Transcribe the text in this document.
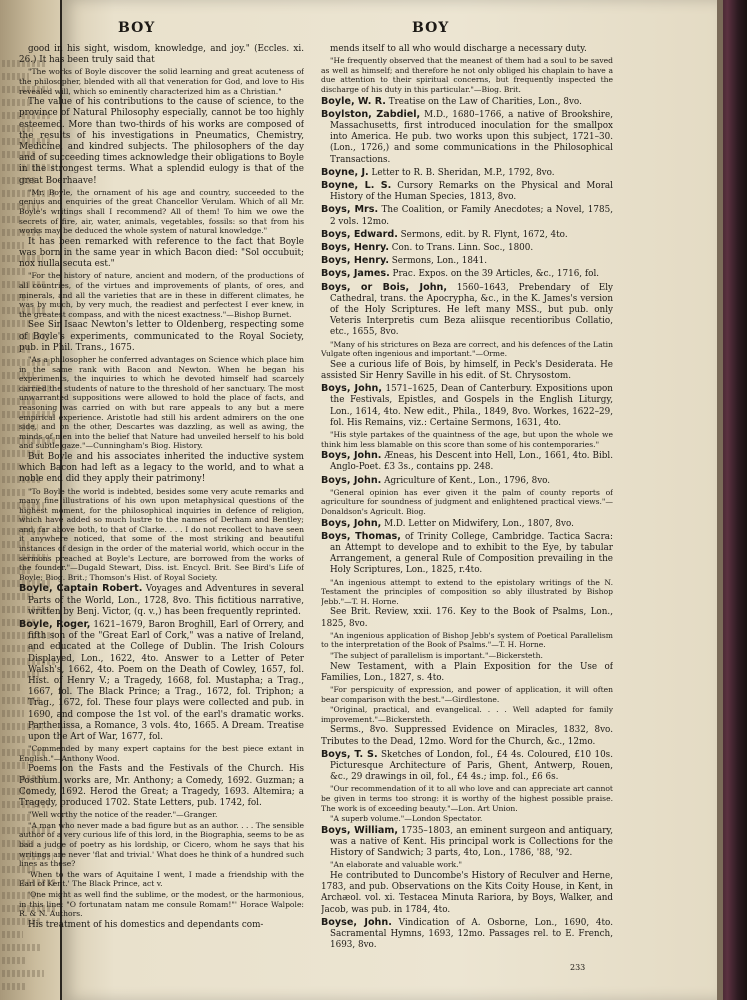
BOY	BOY
good in his sight, wisdom, knowledge, and joy." (Eccles. xi. 26.) It has been truly said that
"The works of Boyle discover the solid learning and great acuteness of the philosopher, blended with all that veneration for God, and love to His revealed will, which so eminently characterized him as a Christian."
The value of his contributions to the cause of science, to the province of Natural Philosophy especially, cannot be too highly esteemed. More than two-thirds of his works are composed of the results of his investigations in Pneumatics, Chemistry, Medicine, and kindred subjects. The philosophers of the day and of succeeding times acknowledge their obligations to Boyle in the strongest terms. What a splendid eulogy is that of the great Boerhaave!
"Mr. Boyle, the ornament of his age and country, succeeded to the genius and enquiries of the great Chancellor Verulam. Which of all Mr. Boyle's writings shall I recommend? All of them! To him we owe the secrets of fire, air, water, animals, vegetables, fossils: so that from his works may be deduced the whole system of natural knowledge."
It has been remarked with reference to the fact that Boyle was born in the same year in which Bacon died: "Sol occubuit; nox nulla secuta est."
"For the history of nature, ancient and modern, of the productions of all countries, of the virtues and improvements of plants, of ores, and minerals, and all the varieties that are in these in different climates, he was by much, by very much, the readiest and perfectest I ever knew, in the greatest compass, and with the nicest exactness."—Bishop Burnet.
See Sir Isaac Newton's letter to Oldenberg, respecting some of Boyle's experiments, communicated to the Royal Society, pub. in Phil. Trans., 1675.
"As a philosopher he conferred advantages on Science which place him in the same rank with Bacon and Newton. When he began his experiments, the inquiries to which he devoted himself had scarcely carried the students of nature to the threshold of her sanctuary. The most unwarranted suppositions were allowed to hold the place of facts, and reasoning was carried on with but rare appeals to any but a mere empirical experience. Aristotle had still his ardent admirers on the one side, and on the other, Descartes was dazzling, as well as awing, the minds of men into the belief that Nature had unveiled herself to his bold and subtle gaze."—Cunningham's Biog. History.
But Boyle and his associates inherited the inductive system which Bacon had left as a legacy to the world, and to what a noble end did they apply their patrimony!
"To Boyle the world is indebted, besides some very acute remarks and many fine illustrations of his own upon metaphysical questions of the highest moment, for the philosophical inquiries in defence of religion, which have added so much lustre to the names of Derham and Bentley; and, far above both, to that of Clarke. . . . I do not recollect to have seen it anywhere noticed, that some of the most striking and beautiful instances of design in the order of the material world, which occur in the sermons preached at Boyle's Lecture, are borrowed from the works of the founder."—Dugald Stewart, Diss. ist. Encycl. Brit. See Bird's Life of Boyle; Biog. Brit.; Thomson's Hist. of Royal Society.
Boyle, Captain Robert. Voyages and Adventures in several Parts of the World, Lon., 1728, 8vo. This fictitious narrative, written by Benj. Victor, (q. v.,) has been frequently reprinted.
Boyle, Roger, 1621–1679, Baron Broghill, Earl of Orrery, and fifth son of the "Great Earl of Cork," was a native of Ireland, and educated at the College of Dublin. The Irish Colours Displayed, Lon., 1622, 4to. Answer to a Letter of Peter Walsh's, 1662, 4to. Poem on the Death of Cowley, 1657, fol. Hist. of Henry V.; a Tragedy, 1668, fol. Mustapha; a Trag., 1667, fol. The Black Prince; a Trag., 1672, fol. Triphon; a Trag., 1672, fol. These four plays were collected and pub. in 1690, and compose the 1st vol. of the earl's dramatic works. Parthenissa, a Romance, 3 vols. 4to, 1665. A Dream. Treatise upon the Art of War, 1677, fol.
"Commended by many expert captains for the best piece extant in English."—Anthony Wood.
Poems on the Fasts and the Festivals of the Church. His Posthum. works are, Mr. Anthony; a Comedy, 1692. Guzman; a Comedy, 1692. Herod the Great; a Tragedy, 1693. Altemira; a Tragedy, produced 1702. State Letters, pub. 1742, fol.
"Well worthy the notice of the reader."—Granger.
"A man who never made a bad figure but as an author. . . . The sensible author of a very curious life of this lord, in the Biographia, seems to be as bad a judge of poetry as his lordship, or Cicero, whom he says that his writings are never 'flat and trivial.' What does he think of a hundred such lines as these?
'When to the wars of Aquitaine I went, I made a friendship with the Earl of Kent.' The Black Prince, act v.
'One might as well find the sublime, or the modest, or the harmonious, in this line: "O fortunatam natam me consule Romam!"' Horace Walpole: R. & N. Authors.
His treatment of his domestics and dependants com-
mends itself to all who would discharge a necessary duty.
"He frequently observed that the meanest of them had a soul to be saved as well as himself; and therefore he not only obliged his chaplain to have a due attention to their spiritual concerns, but frequently inspected the discharge of his duty in this particular."—Biog. Brit.
Boyle, W. R. Treatise on the Law of Charities, Lon., 8vo.
Boylston, Zabdiel, M.D., 1680–1766, a native of Brookshire, Massachusetts, first introduced inoculation for the smallpox into America. He pub. two works upon this subject, 1721–30. (Lon., 1726,) and some communications in the Philosophical Transactions.
Boyne, J. Letter to R. B. Sheridan, M.P., 1792, 8vo.
Boyne, L. S. Cursory Remarks on the Physical and Moral History of the Human Species, 1813, 8vo.
Boys, Mrs. The Coalition, or Family Anecdotes; a Novel, 1785, 2 vols. 12mo.
Boys, Edward. Sermons, edit. by R. Flynt, 1672, 4to.
Boys, Henry. Con. to Trans. Linn. Soc., 1800.
Boys, Henry. Sermons, Lon., 1841.
Boys, James. Prac. Expos. on the 39 Articles, &c., 1716, fol.
Boys, or Bois, John, 1560–1643, Prebendary of Ely Cathedral, trans. the Apocrypha, &c., in the K. James's version of the Holy Scriptures. He left many MSS., but pub. only Veteris Interpretis cum Beza aliisque recentioribus Collatio, etc., 1655, 8vo.
"Many of his strictures on Beza are correct, and his defences of the Latin Vulgate often ingenious and important."—Orme.
See a curious life of Bois, by himself, in Peck's Desiderata. He assisted Sir Henry Saville in his edit. of St. Chrysostom.
Boys, John, 1571–1625, Dean of Canterbury. Expositions upon the Festivals, Epistles, and Gospels in the English Liturgy, Lon., 1614, 4to. New edit., Phila., 1849, 8vo. Workes, 1622–29, fol. His Remains, viz.: Certaine Sermons, 1631, 4to.
"His style partakes of the quaintness of the age, but upon the whole we think him less blamable on this score than some of his contemporaries."
Boys, John. Æneas, his Descent into Hell, Lon., 1661, 4to. Bibl. Anglo-Poet. £3 3s., contains pp. 248.
Boys, John. Agriculture of Kent., Lon., 1796, 8vo.
"General opinion has ever given it the palm of county reports of agriculture for soundness of judgment and enlightened practical views."—Donaldson's Agricult. Biog.
Boys, John, M.D. Letter on Midwifery, Lon., 1807, 8vo.
Boys, Thomas, of Trinity College, Cambridge. Tactica Sacra: an Attempt to develope and to exhibit to the Eye, by tabular Arrangement, a general Rule of Composition prevailing in the Holy Scriptures, Lon., 1825, r.4to.
"An ingenious attempt to extend to the epistolary writings of the N. Testament the principles of composition so ably illustrated by Bishop Jebb."—T. H. Horne.
See Brit. Review, xxii. 176. Key to the Book of Psalms, Lon., 1825, 8vo.
"An ingenious application of Bishop Jebb's system of Poetical Parallelism to the interpretation of the Book of Psalms."—T. H. Horne.
"The subject of parallelism is important."—Bickersteth.
New Testament, with a Plain Exposition for the Use of Families, Lon., 1827, s. 4to.
"For perspicuity of expression, and power of application, it will often bear comparison with the best."—Girdlestone.
"Original, practical, and evangelical. . . . Well adapted for family improvement."—Bickersteth.
Serms., 8vo. Suppressed Evidence on Miracles, 1832, 8vo. Tributes to the Dead, 12mo. Word for the Church, &c., 12mo.
Boys, T. S. Sketches of London, fol., £4 4s. Coloured, £10 10s. Picturesque Architecture of Paris, Ghent, Antwerp, Rouen, &c., 29 drawings in oil, fol., £4 4s.; imp. fol., £6 6s.
"Our recommendation of it to all who love and can appreciate art cannot be given in terms too strong: it is worthy of the highest possible praise. The work is of exceeding beauty."—Lon. Art Union.
"A superb volume."—London Spectator.
Boys, William, 1735–1803, an eminent surgeon and antiquary, was a native of Kent. His principal work is Collections for the History of Sandwich; 3 parts, 4to, Lon., 1786, '88, '92.
"An elaborate and valuable work."
He contributed to Duncombe's History of Reculver and Herne, 1783, and pub. Observations on the Kits Coity House, in Kent, in Archæol. vol. xi. Testacea Minuta Rariora, by Boys, Walker, and Jacob, was pub. in 1784, 4to.
Boyse, John. Vindication of A. Osborne, Lon., 1690, 4to. Sacramental Hymns, 1693, 12mo. Passages rel. to E. French, 1693, 8vo.
233
